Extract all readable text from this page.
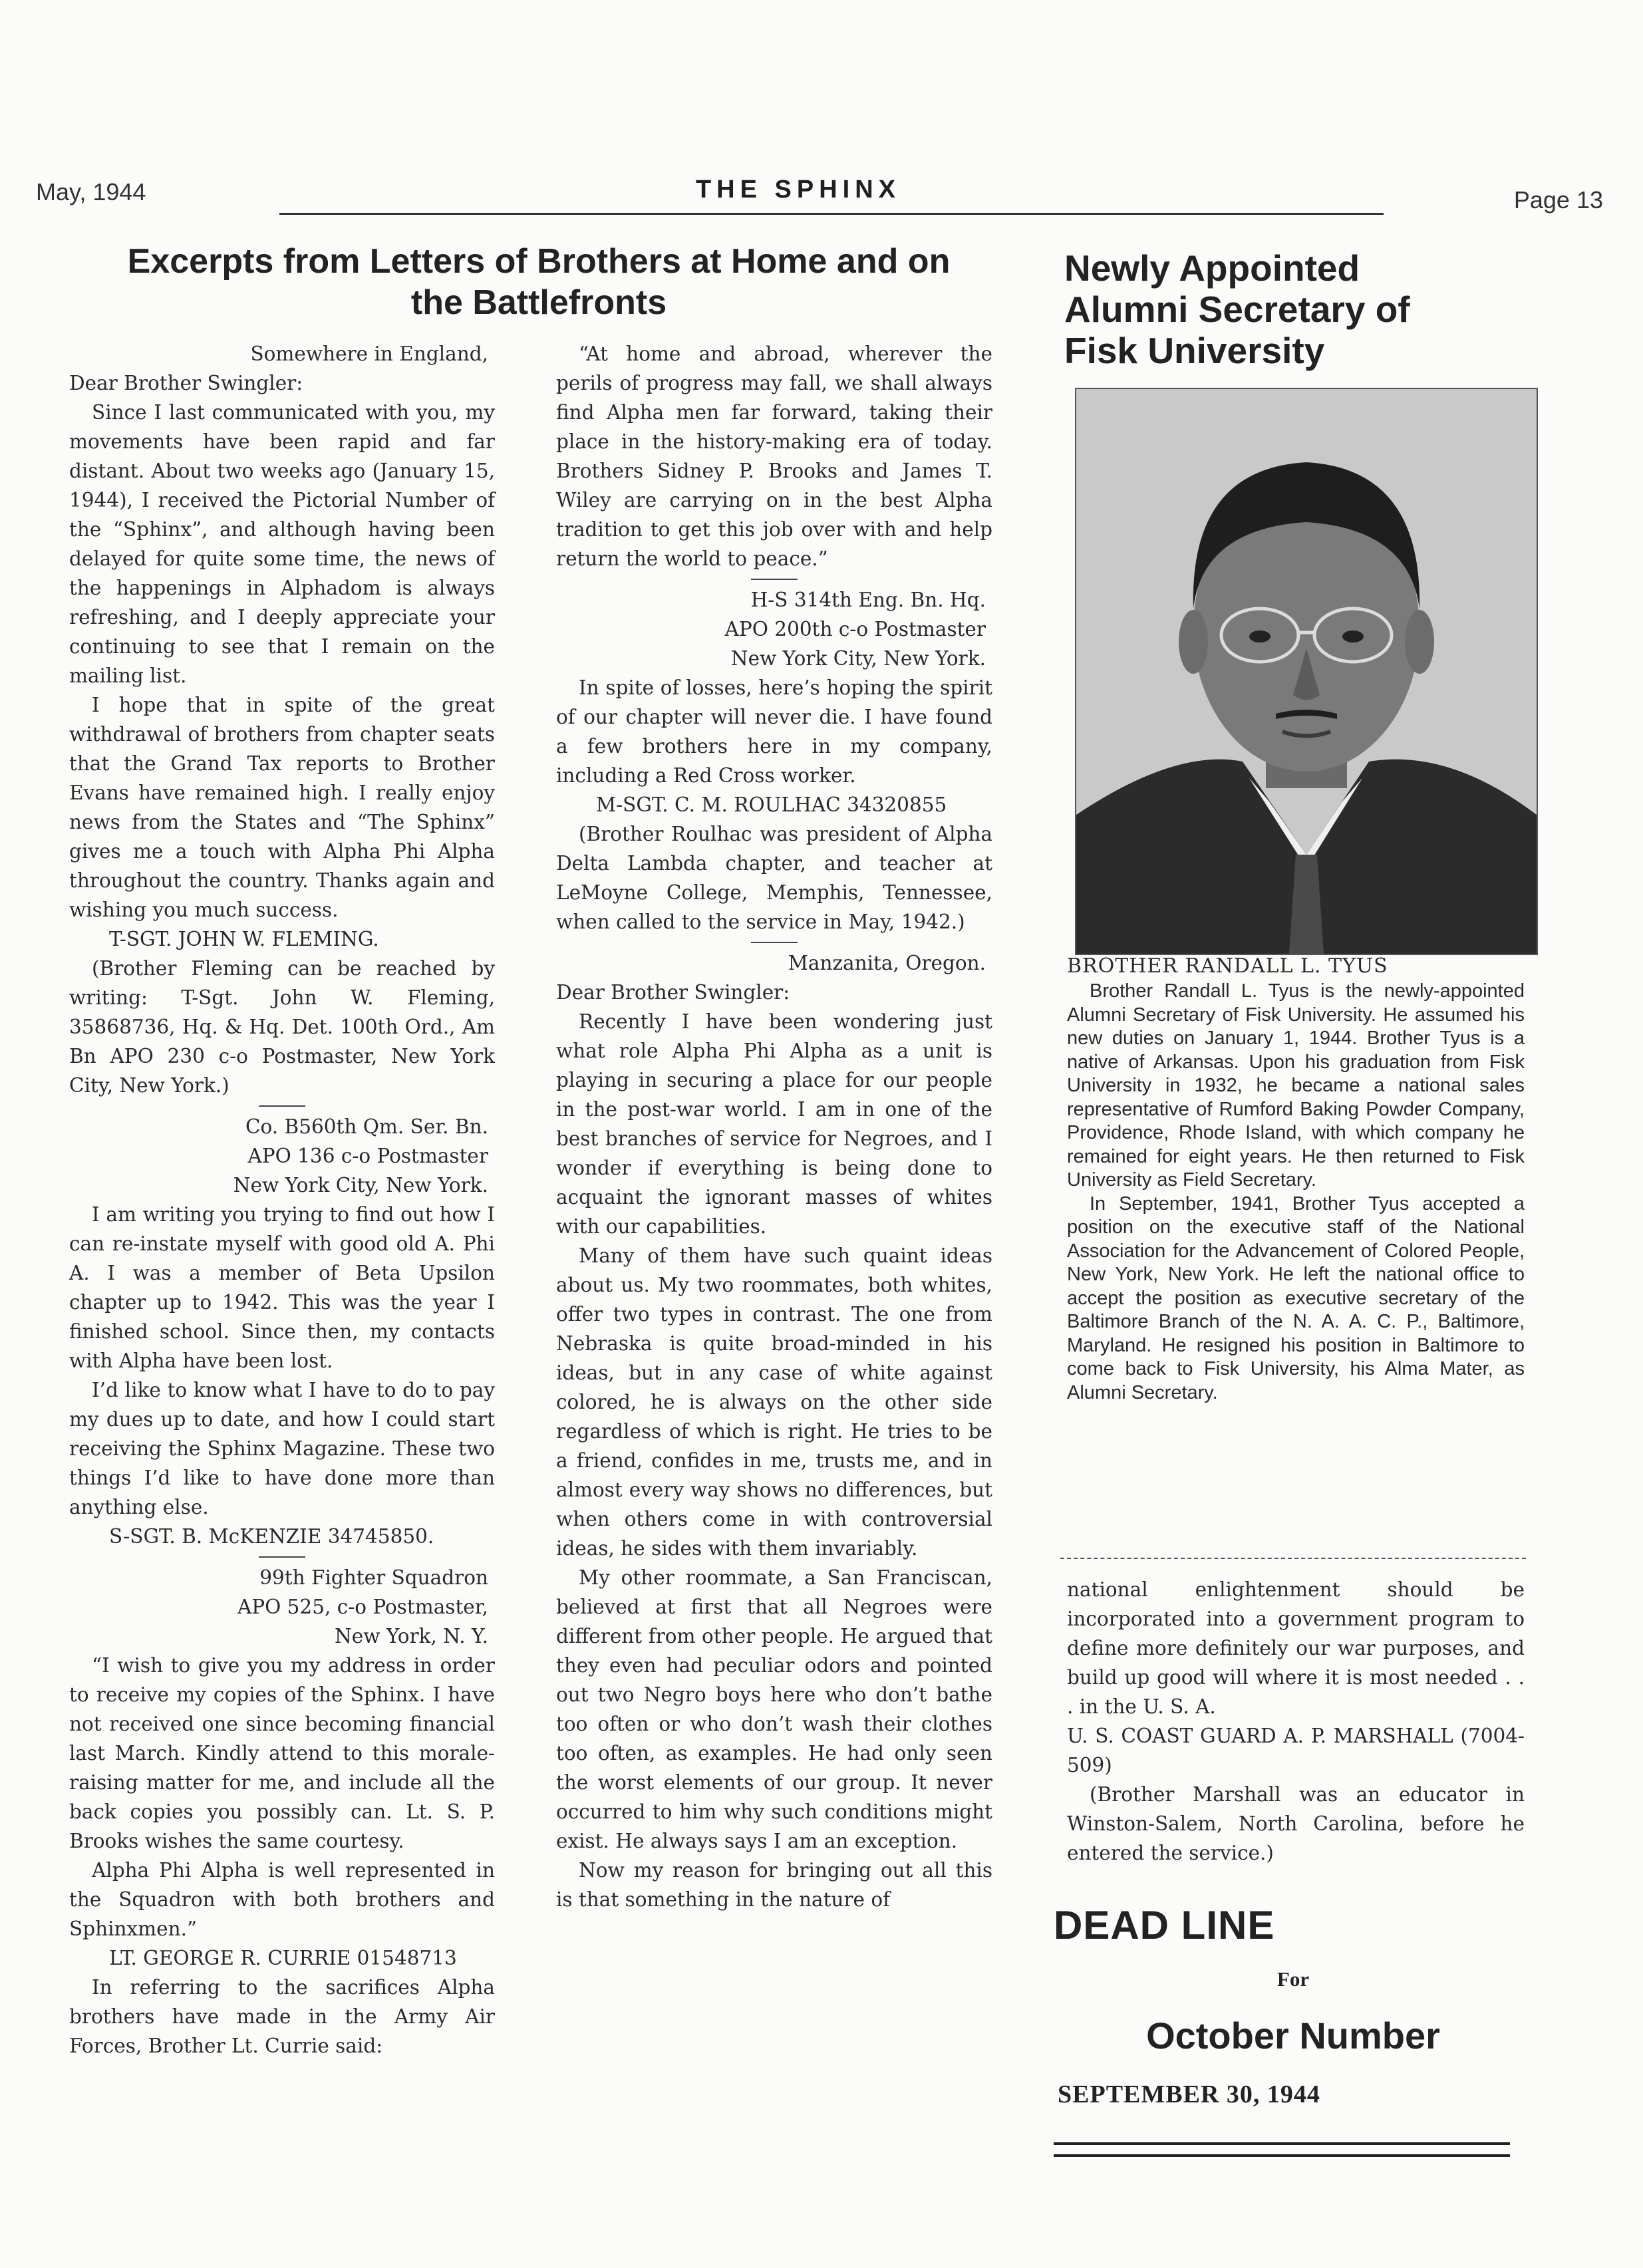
May, 1944	THE SPHINX	Page 13
Excerpts from Letters of Brothers at Home and on
the Battlefronts

Somewhere in England,

Dear Brother Swingler:

Since I last communicated with you, my movements have been rapid and far distant. About two weeks ago (January 15, 1944), I received the Pictorial Number of the “Sphinx”, and although having been delayed for quite some time, the news of the happenings in Alphadom is always refreshing, and I deeply appreciate your continuing to see that I remain on the mailing list.

I hope that in spite of the great withdrawal of brothers from chapter seats that the Grand Tax reports to Brother Evans have remained high. I really enjoy news from the States and “The Sphinx” gives me a touch with Alpha Phi Alpha throughout the country. Thanks again and wishing you much success.

T-SGT. JOHN W. FLEMING.

(Brother Fleming can be reached by writing: T-Sgt. John W. Fleming, 35868736, Hq. & Hq. Det. 100th Ord., Am Bn APO 230 c-o Postmaster, New York City, New York.)

Co. B560th Qm. Ser. Bn.

APO 136 c-o Postmaster

New York City, New York.

I am writing you trying to find out how I can re-instate myself with good old A. Phi A. I was a member of Beta Upsilon chapter up to 1942. This was the year I finished school. Since then, my contacts with Alpha have been lost.

I’d like to know what I have to do to pay my dues up to date, and how I could start receiving the Sphinx Magazine. These two things I’d like to have done more than anything else.

S-SGT. B. McKENZIE 34745850.

99th Fighter Squadron

APO 525, c-o Postmaster,

New York, N. Y.

“I wish to give you my address in order to receive my copies of the Sphinx. I have not received one since becoming financial last March. Kindly attend to this morale-raising matter for me, and include all the back copies you possibly can. Lt. S. P. Brooks wishes the same courtesy.

Alpha Phi Alpha is well represented in the Squadron with both brothers and Sphinxmen.”

LT. GEORGE R. CURRIE 01548713

In referring to the sacrifices Alpha brothers have made in the Army Air Forces, Brother Lt. Currie said:

“At home and abroad, wherever the perils of progress may fall, we shall always find Alpha men far forward, taking their place in the history-making era of today. Brothers Sidney P. Brooks and James T. Wiley are carrying on in the best Alpha tradition to get this job over with and help return the world to peace.”

H-S 314th Eng. Bn. Hq.

APO 200th c-o Postmaster

New York City, New York.

In spite of losses, here’s hoping the spirit of our chapter will never die. I have found a few brothers here in my company, including a Red Cross worker.

M-SGT. C. M. ROULHAC 34320855

(Brother Roulhac was president of Alpha Delta Lambda chapter, and teacher at LeMoyne College, Memphis, Tennessee, when called to the service in May, 1942.)

Manzanita, Oregon.

Dear Brother Swingler:

Recently I have been wondering just what role Alpha Phi Alpha as a unit is playing in securing a place for our people in the post-war world. I am in one of the best branches of service for Negroes, and I wonder if everything is being done to acquaint the ignorant masses of whites with our capabilities.

Many of them have such quaint ideas about us. My two roommates, both whites, offer two types in contrast. The one from Nebraska is quite broad-minded in his ideas, but in any case of white against colored, he is always on the other side regardless of which is right. He tries to be a friend, confides in me, trusts me, and in almost every way shows no differences, but when others come in with controversial ideas, he sides with them invariably.

My other roommate, a San Franciscan, believed at first that all Negroes were different from other people. He argued that they even had peculiar odors and pointed out two Negro boys here who don’t bathe too often or who don’t wash their clothes too often, as examples. He had only seen the worst elements of our group. It never occurred to him why such conditions might exist. He always says I am an exception.

Now my reason for bringing out all this is that something in the nature of

Newly Appointed
Alumni Secretary of
Fisk University

BROTHER RANDALL L. TYUS

Brother Randall L. Tyus is the newly-appointed Alumni Secretary of Fisk University. He assumed his new duties on January 1, 1944. Brother Tyus is a native of Arkansas. Upon his graduation from Fisk University in 1932, he became a national sales representative of Rumford Baking Powder Company, Providence, Rhode Island, with which company he remained for eight years. He then returned to Fisk University as Field Secretary.

In September, 1941, Brother Tyus accepted a position on the executive staff of the National Association for the Advancement of Colored People, New York, New York. He left the national office to accept the position as executive secretary of the Baltimore Branch of the N. A. A. C. P., Baltimore, Maryland. He resigned his position in Baltimore to come back to Fisk University, his Alma Mater, as Alumni Secretary.

national enlightenment should be incorporated into a government program to define more definitely our war purposes, and build up good will where it is most needed . . . in the U. S. A.

U. S. COAST GUARD A. P. MARSHALL (7004-509)

(Brother Marshall was an educator in Winston-Salem, North Carolina, before he entered the service.)

DEAD LINE
For
October Number
SEPTEMBER 30, 1944
